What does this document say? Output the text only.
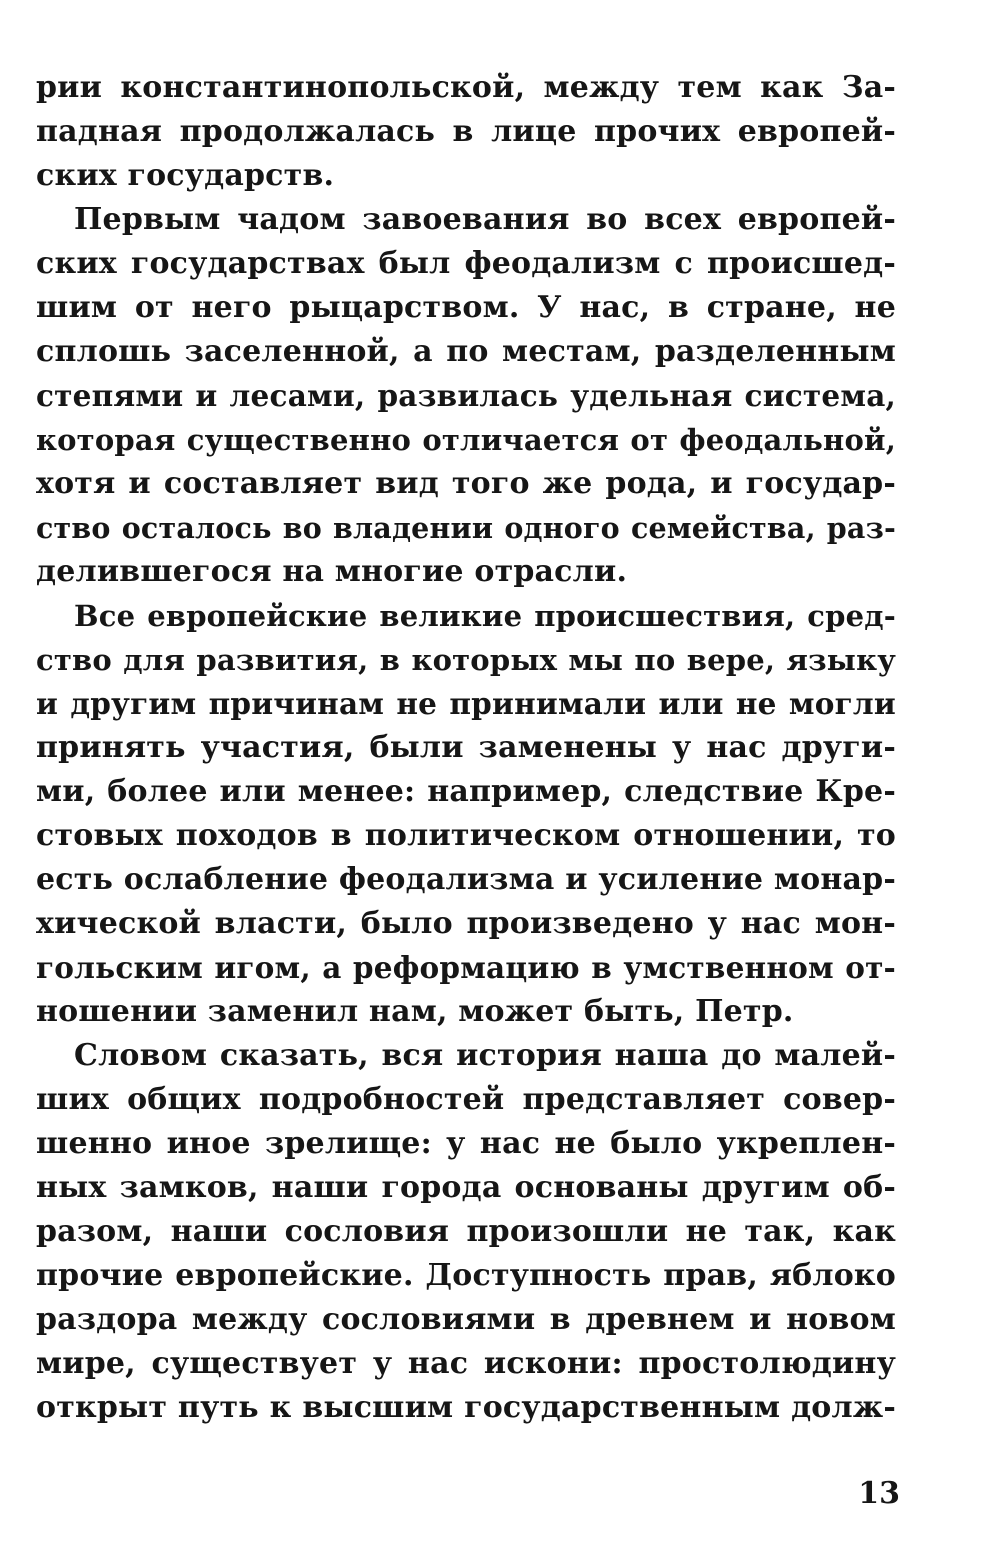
рии константинопольской, между тем как За-
падная продолжалась в лице прочих европей-
ских государств.
Первым чадом завоевания во всех европей-
ских государствах был феодализм с происшед-
шим от него рыцарством. У нас, в стране, не
сплошь заселенной, а по местам, разделенным
степями и лесами, развилась удельная система,
которая существенно отличается от феодальной,
хотя и составляет вид того же рода, и государ-
ство осталось во владении одного семейства, раз-
делившегося на многие отрасли.
Все европейские великие происшествия, сред-
ство для развития, в которых мы по вере, языку
и другим причинам не принимали или не могли
принять участия, были заменены у нас други-
ми, более или менее: например, следствие Кре-
стовых походов в политическом отношении, то
есть ослабление феодализма и усиление монар-
хической власти, было произведено у нас мон-
гольским игом, а реформацию в умственном от-
ношении заменил нам, может быть, Петр.
Словом сказать, вся история наша до малей-
ших общих подробностей представляет совер-
шенно иное зрелище: у нас не было укреплен-
ных замков, наши города основаны другим об-
разом, наши сословия произошли не так, как
прочие европейские. Доступность прав, яблоко
раздора между сословиями в древнем и новом
мире, существует у нас искони: простолюдину
открыт путь к высшим государственным долж-
13
